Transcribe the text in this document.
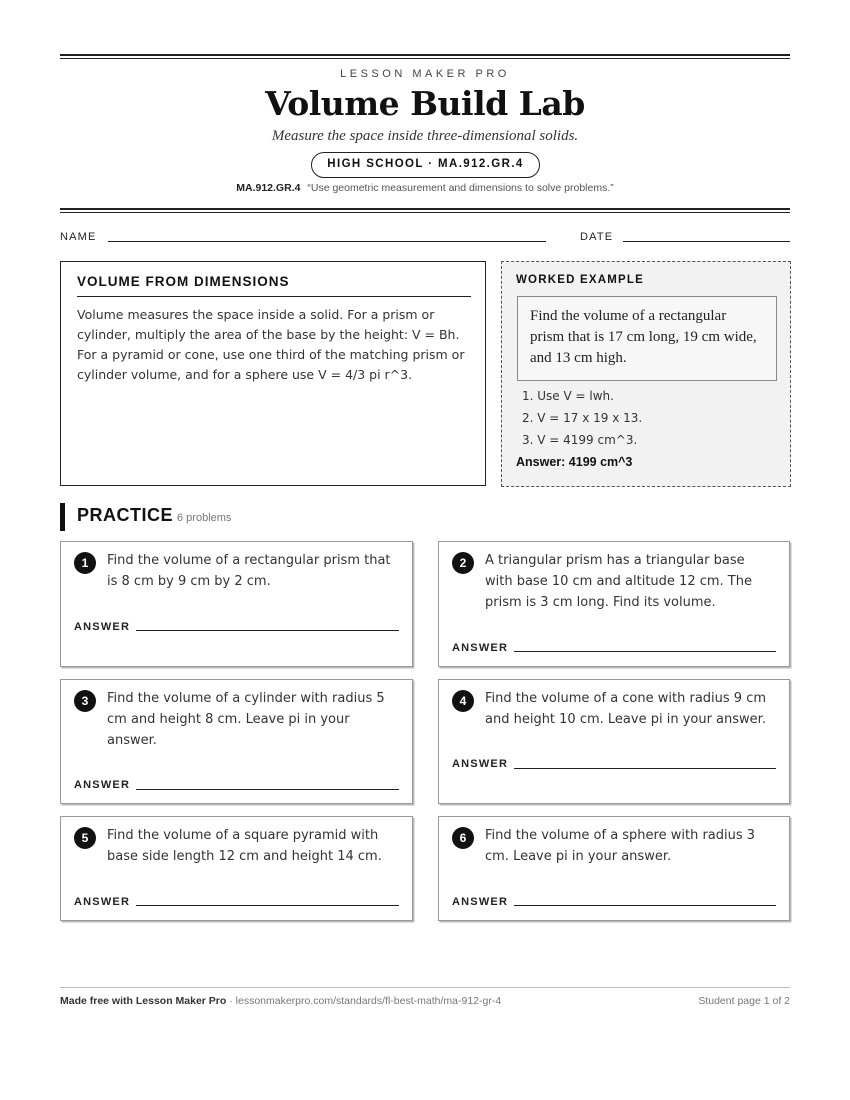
LESSON MAKER PRO
Volume Build Lab
Measure the space inside three-dimensional solids.
HIGH SCHOOL · MA.912.GR.4
MA.912.GR.4 “Use geometric measurement and dimensions to solve problems.”
NAME	DATE
VOLUME FROM DIMENSIONS
Volume measures the space inside a solid. For a prism or cylinder, multiply the area of the base by the height: V = Bh. For a pyramid or cone, use one third of the matching prism or cylinder volume, and for a sphere use V = 4/3 pi r^3.
WORKED EXAMPLE
Find the volume of a rectangular prism that is 17 cm long, 19 cm wide, and 13 cm high.
1. Use V = lwh.
2. V = 17 x 19 x 13.
3. V = 4199 cm^3.
Answer: 4199 cm^3
PRACTICE 6 problems
1	Find the volume of a rectangular prism that is 8 cm by 9 cm by 2 cm.
ANSWER
2	A triangular prism has a triangular base with base 10 cm and altitude 12 cm. The prism is 3 cm long. Find its volume.
ANSWER
3	Find the volume of a cylinder with radius 5 cm and height 8 cm. Leave pi in your answer.
ANSWER
4	Find the volume of a cone with radius 9 cm and height 10 cm. Leave pi in your answer.
ANSWER
5	Find the volume of a square pyramid with base side length 12 cm and height 14 cm.
ANSWER
6	Find the volume of a sphere with radius 3 cm. Leave pi in your answer.
ANSWER
Made free with Lesson Maker Pro · lessonmakerpro.com/standards/fl-best-math/ma-912-gr-4	Student page 1 of 2
